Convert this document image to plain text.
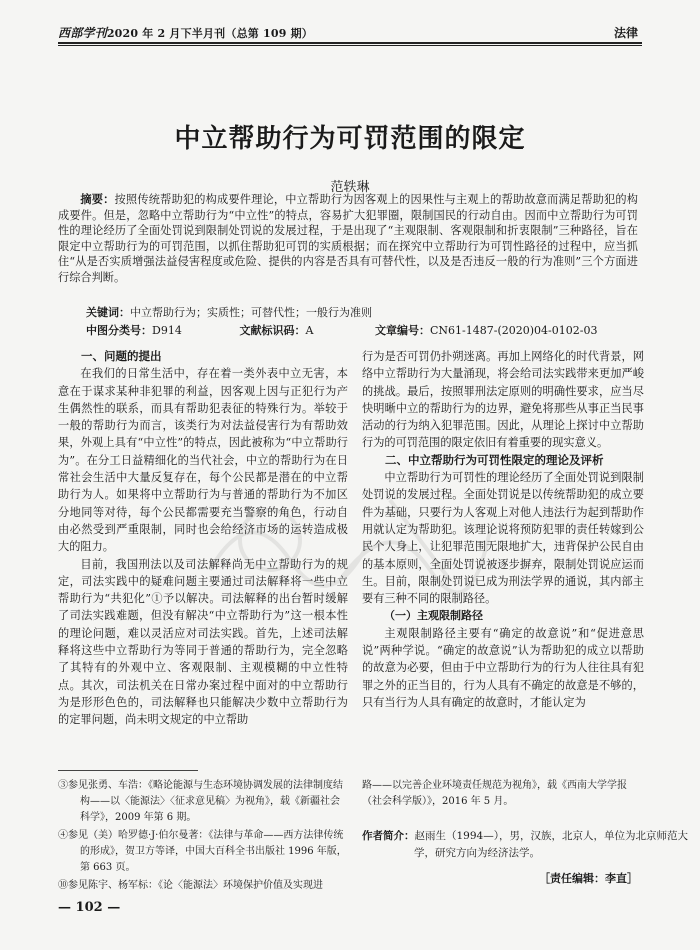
西部学刊2020 年 2 月下半月刊（总第 109 期）	法律
中立帮助行为可罚范围的限定
范轶琳
摘要：按照传统帮助犯的构成要件理论，中立帮助行为因客观上的因果性与主观上的帮助故意而满足帮助犯的构成要件。但是，忽略中立帮助行为“中立性”的特点，容易扩大犯罪圈，限制国民的行动自由。因而中立帮助行为可罚性的理论经历了全面处罚说到限制处罚说的发展过程，于是出现了“主观限制、客观限制和折衷限制”三种路径，旨在限定中立帮助行为的可罚范围，以抓住帮助犯可罚的实质根据；而在探究中立帮助行为可罚性路径的过程中，应当抓住“从是否实质增强法益侵害程度或危险、提供的内容是否具有可替代性，以及是否违反一般的行为准则”三个方面进行综合判断。
关键词：中立帮助行为；实质性；可替代性；一般行为准则
中图分类号：D914	文献标识码：A	文章编号：CN61-1487-(2020)04-0102-03
一、问题的提出

在我们的日常生活中，存在着一类外表中立无害，本意在于谋求某种非犯罪的利益，因客观上因与正犯行为产生偶然性的联系，而具有帮助犯表征的特殊行为。举较于一般的帮助行为而言，该类行为对法益侵害行为有帮助效果，外观上具有“中立性”的特点，因此被称为“中立帮助行为”。在分工日益精细化的当代社会，中立的帮助行为在日常社会生活中大量反复存在，每个公民都是潜在的中立帮助行为人。如果将中立帮助行为与普通的帮助行为不加区分地同等对待，每个公民都需要充当警察的角色，行动自由必然受到严重限制，同时也会给经济市场的运转造成极大的阻力。

目前，我国刑法以及司法解释尚无中立帮助行为的规定，司法实践中的疑难问题主要通过司法解释将一些中立帮助行为“共犯化”①予以解决。司法解释的出台暂时缓解了司法实践难题，但没有解决“中立帮助行为”这一根本性的理论问题，难以灵活应对司法实践。首先，上述司法解释将这些中立帮助行为等同于普通的帮助行为，完全忽略了其特有的外观中立、客观限制、主观模糊的中立性特点。其次，司法机关在日常办案过程中面对的中立帮助行为是形形色色的，司法解释也只能解决少数中立帮助行为的定罪问题，尚未明文规定的中立帮助

行为是否可罚仍扑朔迷离。再加上网络化的时代背景，网络中立帮助行为大量涌现，将会给司法实践带来更加严峻的挑战。最后，按照罪刑法定原则的明确性要求，应当尽快明晰中立的帮助行为的边界，避免将那些从事正当民事活动的行为纳入犯罪范围。因此，从理论上探讨中立帮助行为的可罚范围的限定依旧有着重要的现实意义。

二、中立帮助行为可罚性限定的理论及评析

中立帮助行为可罚性的理论经历了全面处罚说到限制处罚说的发展过程。全面处罚说是以传统帮助犯的成立要件为基础，只要行为人客观上对他人违法行为起到帮助作用就认定为帮助犯。该理论说将预防犯罪的责任转嫁到公民个人身上，让犯罪范围无限地扩大，违背保护公民自由的基本原则，全面处罚说被逐步摒弃，限制处罚说应运而生。目前，限制处罚说已成为刑法学界的通说，其内部主要有三种不同的限制路径。

（一）主观限制路径

主观限制路径主要有“确定的故意说”和“促进意思说”两种学说。“确定的故意说”认为帮助犯的成立以帮助的故意为必要，但由于中立帮助行为的行为人往往具有犯罪之外的正当目的，行为人具有不确定的故意是不够的，只有当行为人具有确定的故意时，才能认定为

③参见张勇、车浩：《略论能源与生态环境协调发展的法律制度结构——以〈能源法〉〈征求意见稿〉为视角》，载《新疆社会科学》，2009 年第 6 期。

④参见（美）哈罗德·J·伯尔曼著：《法律与革命——西方法律传统的形成》，贺卫方等译，中国大百科全书出版社 1996 年版，第 663 页。

⑩参见陈宇、杨军标：《论〈能源法〉环境保护价值及实现进

路——以完善企业环境责任规范为视角》，载《西南大学学报（社会科学版）》，2016 年 5 月。

作者简介：赵雨生（1994—），男，汉族，北京人，单位为北京师范大学，研究方向为经济法学。
［责任编辑：李直］
— 102 —
